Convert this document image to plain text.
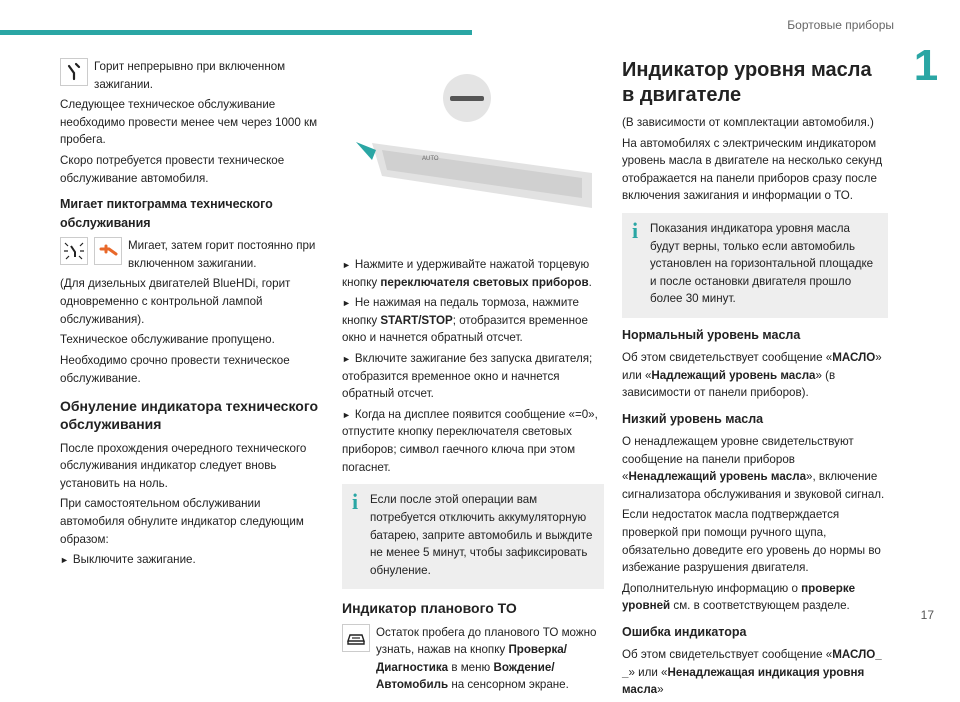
Бортовые приборы
1
17

Горит непрерывно при включенном зажигании.

Следующее техническое обслуживание необходимо провести менее чем через 1000 км пробега.

Скоро потребуется провести техническое обслуживание автомобиля.

Мигает пиктограмма технического обслуживания

Мигает, затем горит постоянно при включенном зажигании.

(Для дизельных двигателей BlueHDi, горит одновременно с контрольной лампой обслуживания).

Техническое обслуживание пропущено.

Необходимо срочно провести техническое обслуживание.

Обнуление индикатора технического обслуживания

После прохождения очередного технического обслуживания индикатор следует вновь установить на ноль.

При самостоятельном обслуживании автомобиля обнулите индикатор следующим образом:

► Выключите зажигание.

AUTO

► Нажмите и удерживайте нажатой торцевую кнопку переключателя световых приборов.

► Не нажимая на педаль тормоза, нажмите кнопку START/STOP; отобразится временное окно и начнется обратный отсчет.

► Включите зажигание без запуска двигателя; отобразится временное окно и начнется обратный отсчет.

► Когда на дисплее появится сообщение «=0», отпустите кнопку переключателя световых приборов; символ гаечного ключа при этом погаснет.

i	Если после этой операции вам потребуется отключить аккумуляторную батарею, заприте автомобиль и выждите не менее 5 минут, чтобы зафиксировать обнуление.

Индикатор планового ТО

Остаток пробега до планового ТО можно узнать, нажав на кнопку Проверка/Диагностика в меню Вождение/Автомобиль на сенсорном экране.

Индикатор уровня масла в двигателе

(В зависимости от комплектации автомобиля.)

На автомобилях с электрическим индикатором уровень масла в двигателе на несколько секунд отображается на панели приборов сразу после включения зажигания и информации о ТО.

i	Показания индикатора уровня масла будут верны, только если автомобиль установлен на горизонтальной площадке и после остановки двигателя прошло более 30 минут.

Нормальный уровень масла

Об этом свидетельствует сообщение «МАСЛО» или «Надлежащий уровень масла» (в зависимости от панели приборов).

Низкий уровень масла

О ненадлежащем уровне свидетельствуют сообщение на панели приборов «Ненадлежащий уровень масла», включение сигнализатора обслуживания и звуковой сигнал.

Если недостаток масла подтверждается проверкой при помощи ручного щупа, обязательно доведите его уровень до нормы во избежание разрушения двигателя.

Дополнительную информацию о проверке уровней см. в соответствующем разделе.

Ошибка индикатора

Об этом свидетельствует сообщение «МАСЛО_ _» или «Ненадлежащая индикация уровня масла»
